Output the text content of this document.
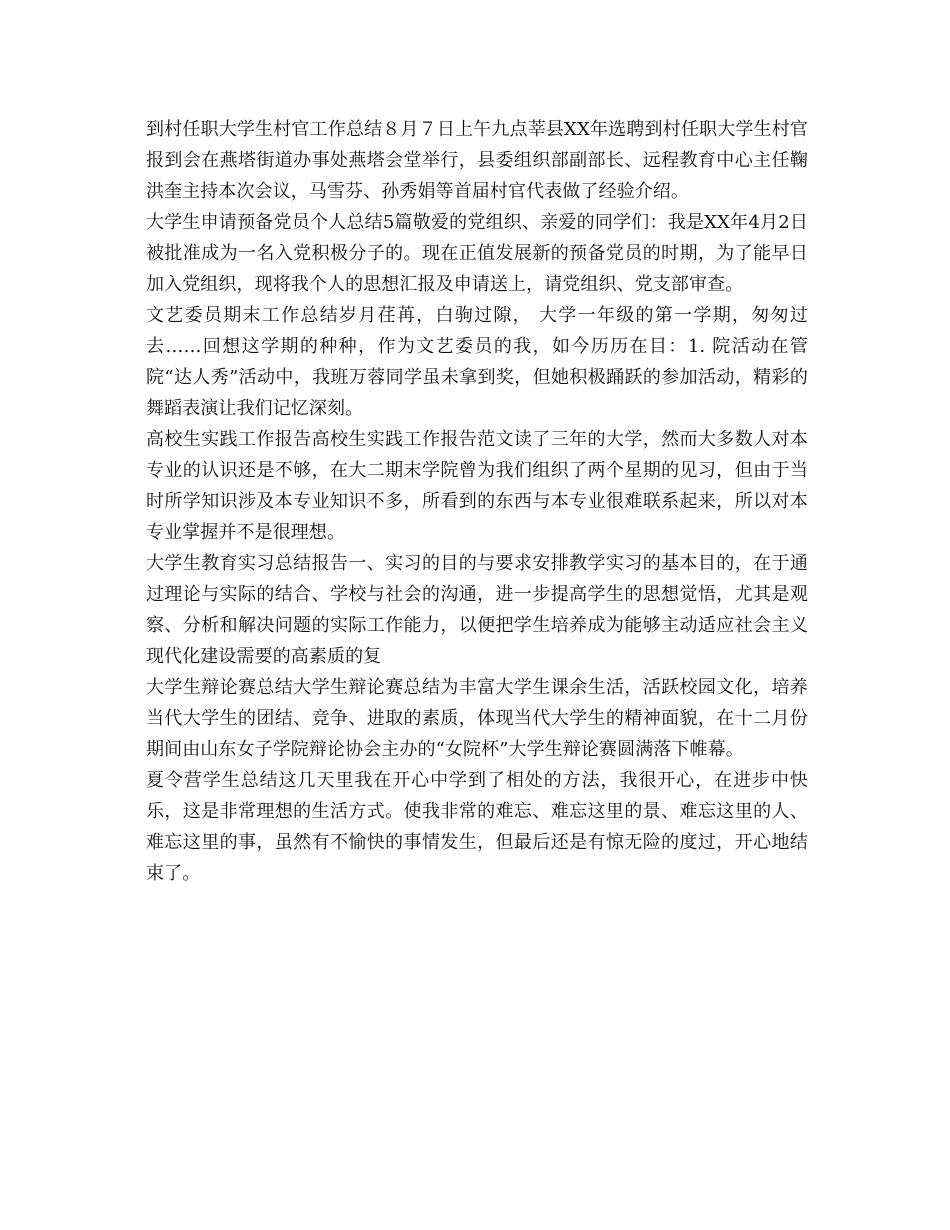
到村任职大学生村官工作总结８月７日上午九点莘县XX年选聘到村任职大学生村官报到会在燕塔街道办事处燕塔会堂举行，县委组织部副部长、远程教育中心主任鞠洪奎主持本次会议，马雪芬、孙秀娟等首届村官代表做了经验介绍。

大学生申请预备党员个人总结5篇敬爱的党组织、亲爱的同学们：我是XX年4月2日被批准成为一名入党积极分子的。现在正值发展新的预备党员的时期，为了能早日加入党组织，现将我个人的思想汇报及申请送上，请党组织、党支部审查。

文艺委员期末工作总结岁月荏苒，白驹过隙， 大学一年级的第一学期，匆匆过去……回想这学期的种种，作为文艺委员的我，如今历历在目：1. 院活动在管院“达人秀”活动中，我班万蓉同学虽未拿到奖，但她积极踊跃的参加活动，精彩的舞蹈表演让我们记忆深刻。

高校生实践工作报告高校生实践工作报告范文读了三年的大学，然而大多数人对本专业的认识还是不够，在大二期末学院曾为我们组织了两个星期的见习，但由于当时所学知识涉及本专业知识不多，所看到的东西与本专业很难联系起来，所以对本专业掌握并不是很理想。

大学生教育实习总结报告一、实习的目的与要求安排教学实习的基本目的，在于通过理论与实际的结合、学校与社会的沟通，进一步提高学生的思想觉悟，尤其是观察、分析和解决问题的实际工作能力，以便把学生培养成为能够主动适应社会主义现代化建设需要的高素质的复

大学生辩论赛总结大学生辩论赛总结为丰富大学生课余生活，活跃校园文化，培养当代大学生的团结、竞争、进取的素质，体现当代大学生的精神面貌，在十二月份期间由山东女子学院辩论协会主办的“女院杯”大学生辩论赛圆满落下帷幕。

夏令营学生总结这几天里我在开心中学到了相处的方法，我很开心，在进步中快乐，这是非常理想的生活方式。使我非常的难忘、难忘这里的景、难忘这里的人、难忘这里的事，虽然有不愉快的事情发生，但最后还是有惊无险的度过，开心地结束了。
